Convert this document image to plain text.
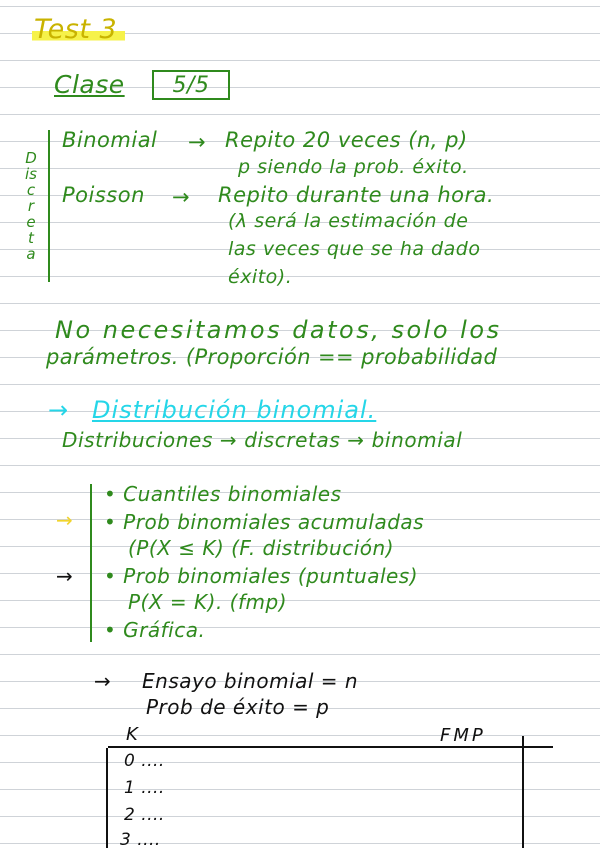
Test 3
Clase	5/5
Discreta
Binomial → Repito 20 veces (n, p)
p siendo la prob. éxito.
Poisson → Repito durante una hora.
(λ será la estimación de
las veces que se ha dado
éxito).
No necesitamos datos, solo los
parámetros. (Proporción == probabilidad
→ Distribución binomial.
Distribuciones → discretas → binomial
→
→
• Cuantiles binomiales
• Prob binomiales acumuladas
(P(X ≤ K) (F. distribución)
• Prob binomiales (puntuales)
P(X = K). (fmp)
• Gráfica.
→ Ensayo binomial = n
Prob de éxito = p
K	FMP
0 ....
1 ....
2 ....
3 ....
